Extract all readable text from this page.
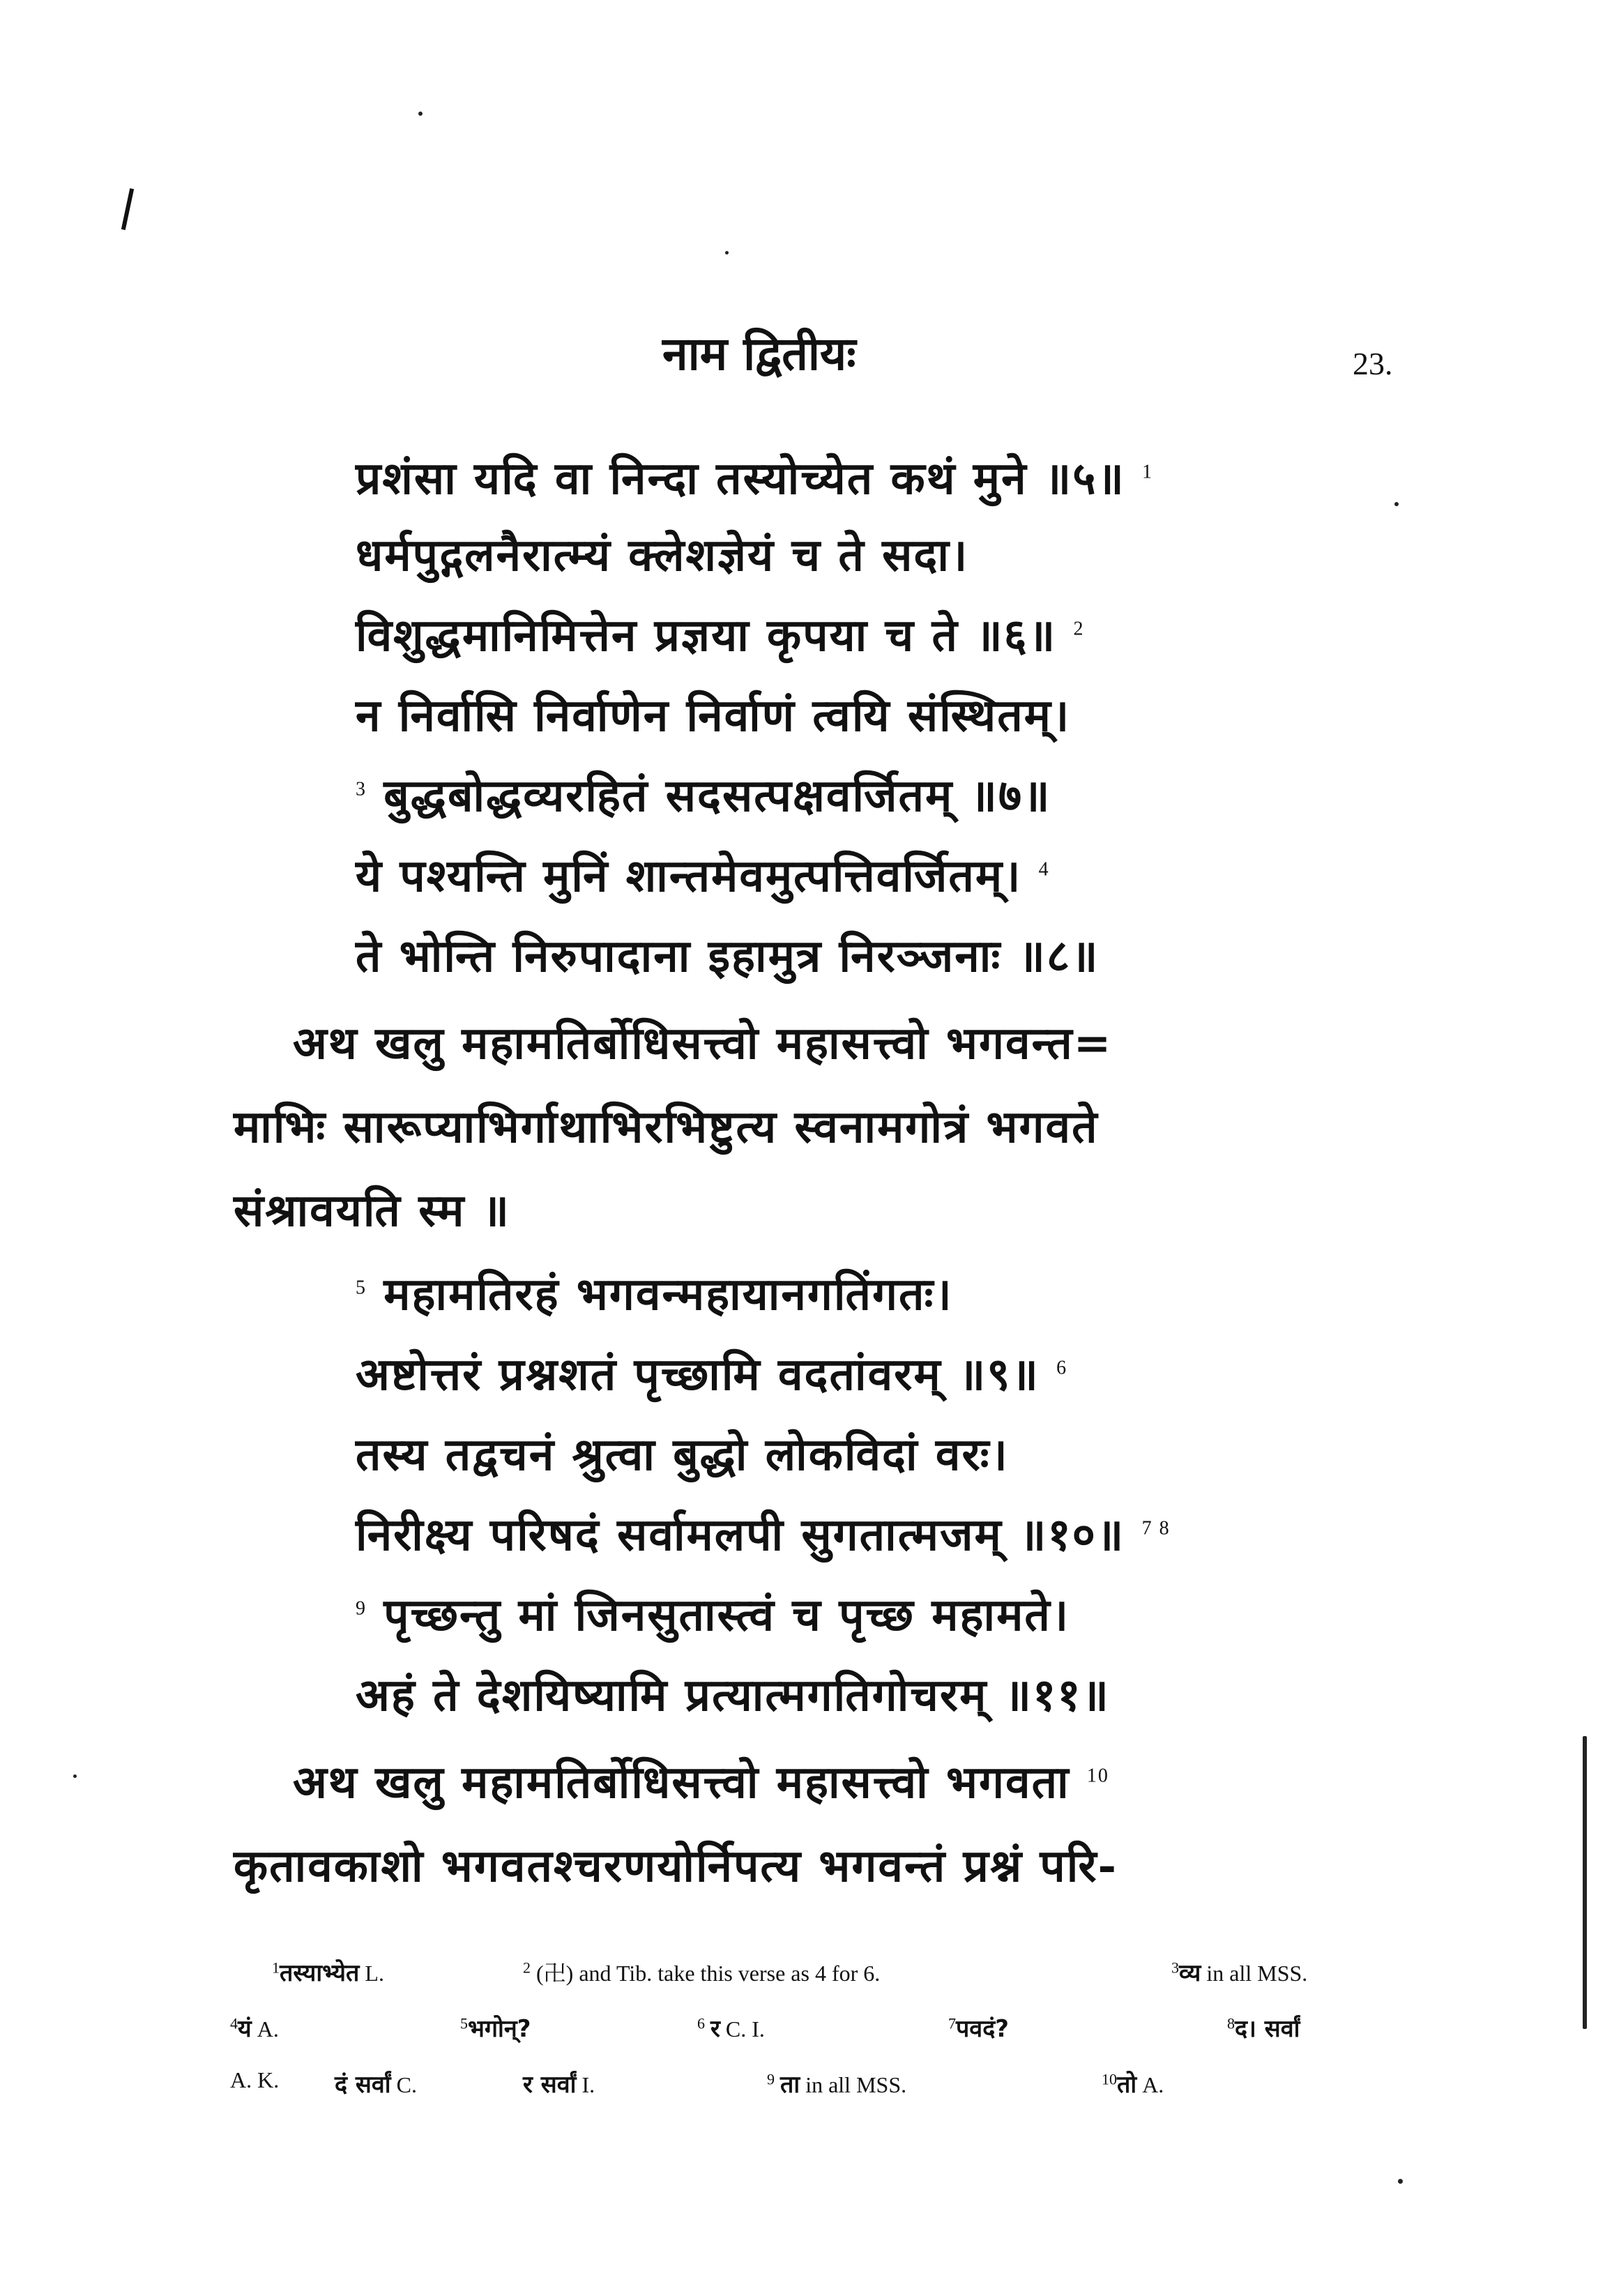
नाम द्वितीयः	23.
प्रशंसा यदि वा निन्दा तस्योच्येत कथं मुने ॥५॥ $^1$
धर्मपुद्गलनैरात्म्यं क्लेशज्ञेयं च ते सदा।
विशुद्धमानिमित्तेन प्रज्ञया कृपया च ते ॥६॥ $^2$
न निर्वासि निर्वाणेन निर्वाणं त्वयि संस्थितम्।
$^3$ बुद्धबोद्धव्यरहितं सदसत्पक्षवर्जितम् ॥७॥
ये पश्यन्ति मुनिं शान्तमेवमुत्पत्तिवर्जितम्। $^4$
ते भोन्ति निरुपादाना इहामुत्र निरञ्जनाः ॥८॥
अथ खलु महामतिर्बोधिसत्त्वो महासत्त्वो भगवन्त=
माभिः सारूप्याभिर्गाथाभिरभिष्टुत्य स्वनामगोत्रं भगवते
संश्रावयति स्म ॥
$^5$ महामतिरहं भगवन्महायानगतिंगतः।
अष्टोत्तरं प्रश्नशतं पृच्छामि वदतांवरम् ॥९॥ $^6$
तस्य तद्वचनं श्रुत्वा बुद्धो लोकविदां वरः।
निरीक्ष्य परिषदं सर्वामलपी सुगतात्मजम् ॥१०॥ $^{7 8}$
$^9$ पृच्छन्तु मां जिनसुतास्त्वं च पृच्छ महामते।
अहं ते देशयिष्यामि प्रत्यात्मगतिगोचरम् ॥११॥
अथ खलु महामतिर्बोधिसत्त्वो महासत्त्वो भगवता $^{10}$
कृतावकाशो भगवतश्चरणयोर्निपत्य भगवन्तं प्रश्नं परि-
$^1$तस्याभ्येत L.	$^2$ (卍) and Tib. take this verse as 4 for 6.	$^3$व्य in all MSS.
$^4$यं A.	$^5$भगोन्?	$^6$ र C. I.	$^7$पवदं?	$^8$द। सर्वां
A. K. दं सर्वां C.	र सर्वां I.	$^9$ ता in all MSS.	$^{10}$तो A.
